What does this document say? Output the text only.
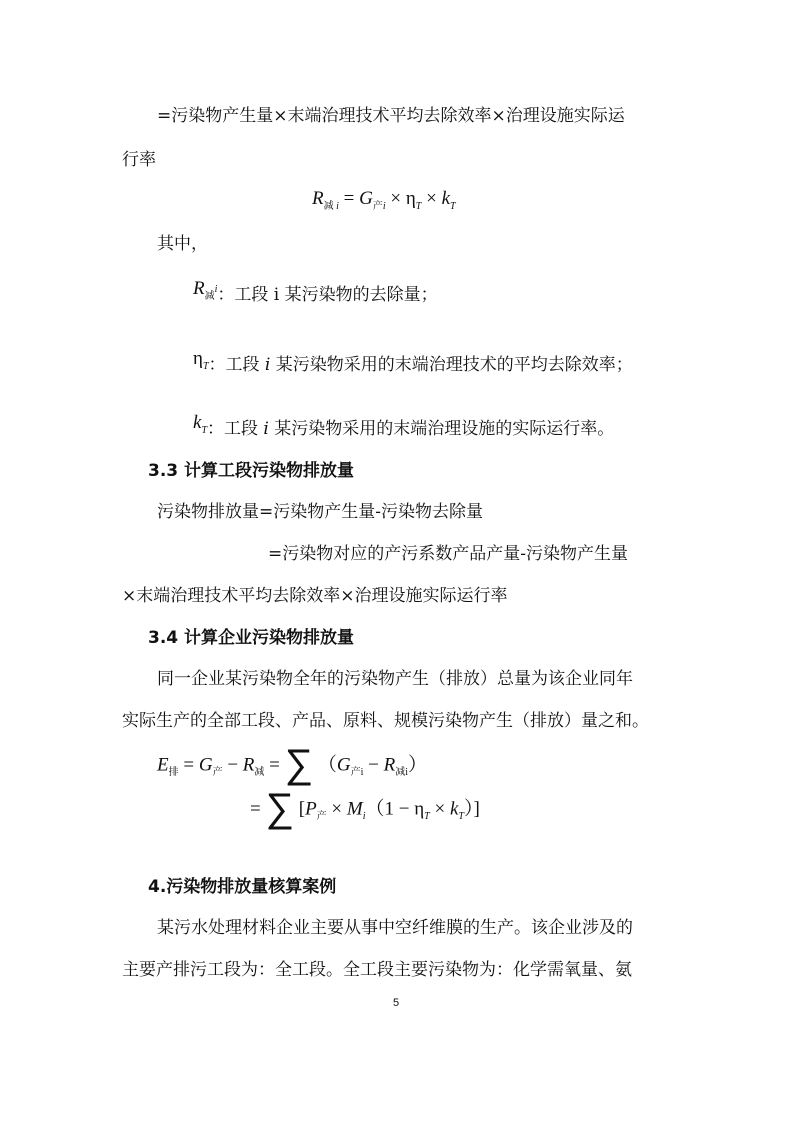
=污染物产生量×末端治理技术平均去除效率×治理设施实际运
行率
$R_减$ $_i = G_{产i} \times \eta_T \times k_T$
其中，
$R_减i$：工段 i 某污染物的去除量；
$\eta_T$：工段 i 某污染物采用的末端治理技术的平均去除效率；
$k_T$：工段 i 某污染物采用的末端治理设施的实际运行率。
3.3 计算工段污染物排放量
污染物排放量=污染物产生量-污染物去除量
=污染物对应的产污系数产品产量-污染物产生量
×末端治理技术平均去除效率×治理设施实际运行率
3.4 计算企业污染物排放量
同一企业某污染物全年的污染物产生（排放）总量为该企业同年
实际生产的全部工段、产品、原料、规模污染物产生（排放）量之和。
$E_排 = G_产 - R_减$ = ∑ $(G_{产i} - R_{减i})$
= ∑ $[P_产 \times M_i(1 - \eta_T \times k_T)]$
4.污染物排放量核算案例
某污水处理材料企业主要从事中空纤维膜的生产。该企业涉及的
主要产排污工段为：全工段。全工段主要污染物为：化学需氧量、氨
5
